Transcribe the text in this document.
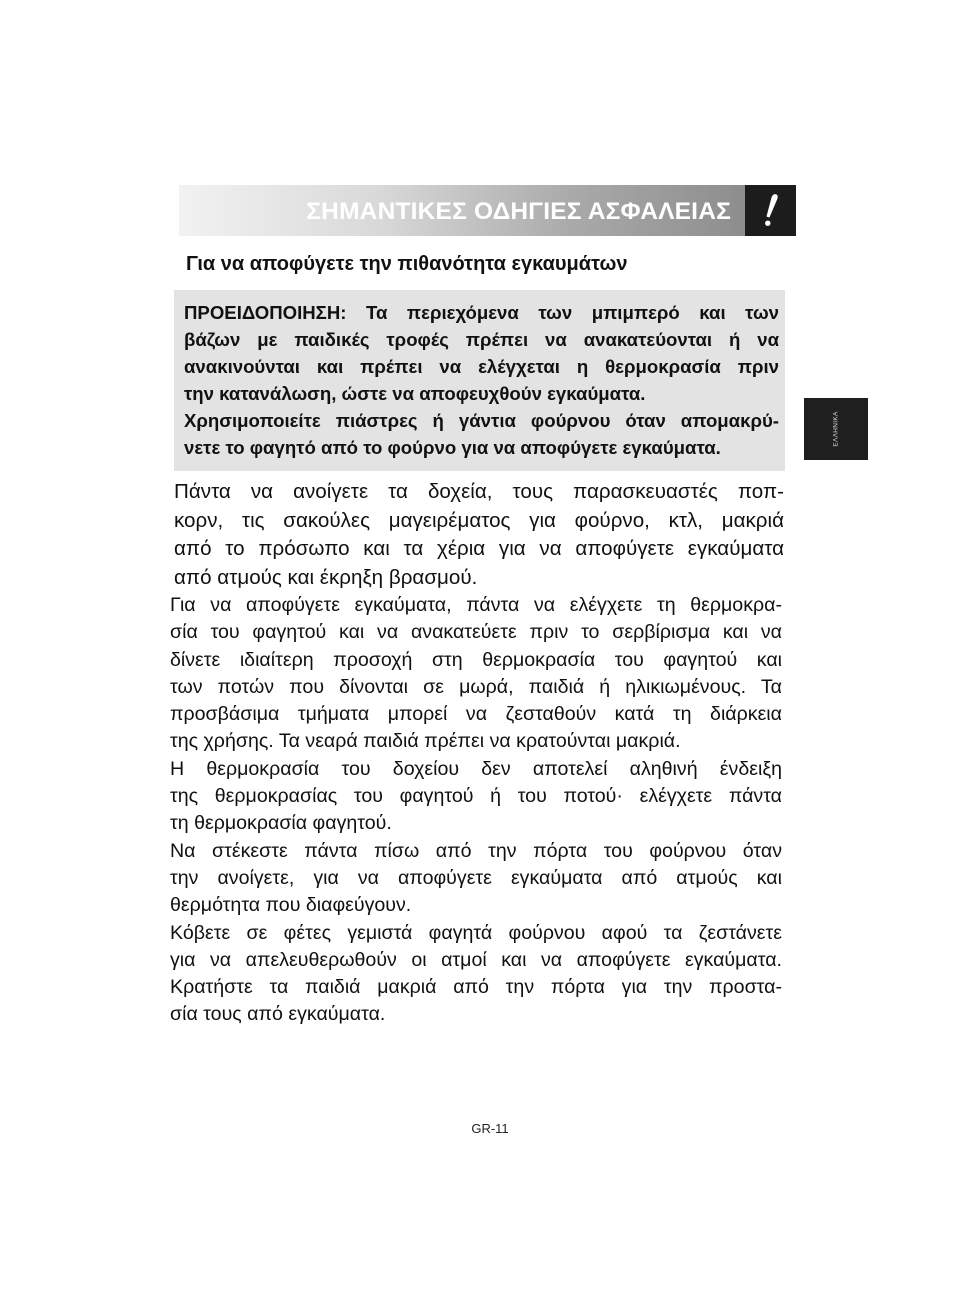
ΣΗΜΑΝΤΙΚΕΣ ΟΔΗΓΙΕΣ ΑΣΦΑΛΕΙΑΣ
ΕΛΛΗΝΙΚΑ
Για να αποφύγετε την πιθανότητα εγκαυμάτων

ΠΡΟΕΙΔΟΠΟΙΗΣΗ: Τα περιεχόμενα των μπιμπερό και των
βάζων με παιδικές τροφές πρέπει να ανακατεύονται ή να
ανακινούνται και πρέπει να ελέγχεται η θερμοκρασία πριν
την κατανάλωση, ώστε να αποφευχθούν εγκαύματα.
Χρησιμοποιείτε πιάστρες ή γάντια φούρνου όταν απομακρύ-
νετε το φαγητό από το φούρνο για να αποφύγετε εγκαύματα.

Πάντα να ανοίγετε τα δοχεία, τους παρασκευαστές ποπ-
κορν, τις σακούλες μαγειρέματος για φούρνο, κτλ, μακριά
από το πρόσωπο και τα χέρια για να αποφύγετε εγκαύματα
από ατμούς και έκρηξη βρασμού.

Για να αποφύγετε εγκαύματα, πάντα να ελέγχετε τη θερμοκρα-
σία του φαγητού και να ανακατεύετε πριν το σερβίρισμα και να
δίνετε ιδιαίτερη προσοχή στη θερμοκρασία του φαγητού και
των ποτών που δίνονται σε μωρά, παιδιά ή ηλικιωμένους. Τα
προσβάσιμα τμήματα μπορεί να ζεσταθούν κατά τη διάρκεια
της χρήσης. Τα νεαρά παιδιά πρέπει να κρατούνται μακριά.
Η θερμοκρασία του δοχείου δεν αποτελεί αληθινή ένδειξη
της θερμοκρασίας του φαγητού ή του ποτού· ελέγχετε πάντα
τη θερμοκρασία φαγητού.
Να στέκεστε πάντα πίσω από την πόρτα του φούρνου όταν
την ανοίγετε, για να αποφύγετε εγκαύματα από ατμούς και
θερμότητα που διαφεύγουν.
Κόβετε σε φέτες γεμιστά φαγητά φούρνου αφού τα ζεστάνετε
για να απελευθερωθούν οι ατμοί και να αποφύγετε εγκαύματα.
Κρατήστε τα παιδιά μακριά από την πόρτα για την προστα-
σία τους από εγκαύματα.

GR-11
